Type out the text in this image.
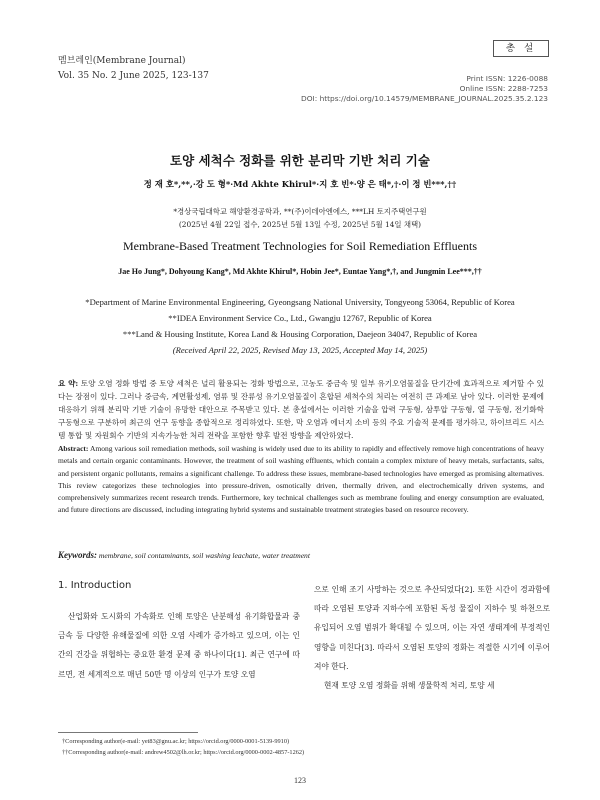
멤브레인(Membrane Journal)
Vol. 35 No. 2 June 2025, 123-137
총 설
Print ISSN: 1226-0088
Online ISSN: 2288-7253
DOI: https://doi.org/10.14579/MEMBRANE_JOURNAL.2025.35.2.123
토양 세척수 정화를 위한 분리막 기반 처리 기술
정 재 호*,**,·강 도 형*·Md Akhte Khirul*·지 호 빈*·양 은 태*,†·이 정 빈***,††
*경상국립대학교 해양환경공학과, **(주)이데아엔에스, ***LH 토지주택연구원
(2025년 4월 22일 접수, 2025년 5월 13일 수정, 2025년 5월 14일 채택)
Membrane-Based Treatment Technologies for Soil Remediation Effluents
Jae Ho Jung*, Dohyoung Kang*, Md Akhte Khirul*, Hobin Jee*, Euntae Yang*,†, and Jungmin Lee***,††
*Department of Marine Environmental Engineering, Gyeongsang National University, Tongyeong 53064, Republic of Korea
**IDEA Environment Service Co., Ltd., Gwangju 12767, Republic of Korea
***Land & Housing Institute, Korea Land & Housing Corporation, Daejeon 34047, Republic of Korea
(Received April 22, 2025, Revised May 13, 2025, Accepted May 14, 2025)
요 약: 토양 오염 정화 방법 중 토양 세척은 널리 활용되는 정화 방법으로, 고농도 중금속 및 일부 유기오염물질을 단기간에 효과적으로 제거할 수 있다는 장점이 있다. 그러나 중금속, 계면활성제, 염류 및 잔류성 유기오염물질이 혼합된 세척수의 처리는 여전히 큰 과제로 남아 있다. 이러한 문제에 대응하기 위해 분리막 기반 기술이 유망한 대안으로 주목받고 있다. 본 총설에서는 이러한 기술을 압력 구동형, 삼투압 구동형, 열 구동형, 전기화학 구동형으로 구분하여 최근의 연구 동향을 종합적으로 정리하였다. 또한, 막 오염과 에너지 소비 등의 주요 기술적 문제를 평가하고, 하이브리드 시스템 통합 및 자원회수 기반의 지속가능한 처리 전략을 포함한 향후 발전 방향을 제안하였다.
Abstract: Among various soil remediation methods, soil washing is widely used due to its ability to rapidly and effectively remove high concentrations of heavy metals and certain organic contaminants. However, the treatment of soil washing effluents, which contain a complex mixture of heavy metals, surfactants, salts, and persistent organic pollutants, remains a significant challenge. To address these issues, membrane-based technologies have emerged as promising alternatives. This review categorizes these technologies into pressure-driven, osmotically driven, thermally driven, and electrochemically driven systems, and comprehensively summarizes recent research trends. Furthermore, key technical challenges such as membrane fouling and energy consumption are evaluated, and future directions are discussed, including integrating hybrid systems and sustainable treatment strategies based on resource recovery.
Keywords: membrane, soil contaminants, soil washing leachate, water treatment
1. Introduction

산업화와 도시화의 가속화로 인해 토양은 난분해성 유기화합물과 중금속 등 다양한 유해물질에 의한 오염 사례가 증가하고 있으며, 이는 인간의 건강을 위협하는 중요한 환경 문제 중 하나이다[1]. 최근 연구에 따르면, 전 세계적으로 매년 50만 명 이상의 인구가 토양 오염

으로 인해 조기 사망하는 것으로 추산되었다[2]. 또한 시간이 경과함에 따라 오염된 토양과 지하수에 포함된 독성 물질이 지하수 및 하천으로 유입되어 오염 범위가 확대될 수 있으며, 이는 자연 생태계에 부정적인 영향을 미친다[3]. 따라서 오염된 토양의 정화는 적절한 시기에 이루어져야 한다.

현재 토양 오염 정화를 위해 생물학적 처리, 토양 세

†Corresponding author(e-mail: yet83@gnu.ac.kr; https://orcid.org/0000-0001-5139-9910)
††Corresponding author(e-mail: andrew4502@lh.or.kr; https://orcid.org/0000-0002-4857-1262)
123
